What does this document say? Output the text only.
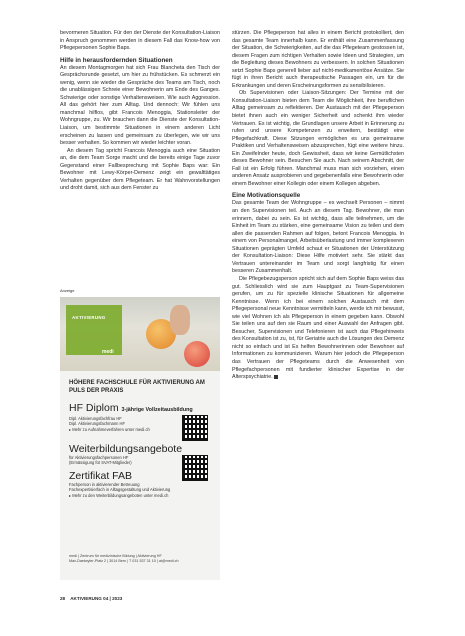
bevormeren Situation. Für den der Dienste der Konsultation-Liaison in Anspruch genommen werden in diesem Fall das Know-how von Pflegepersonen Sophie Baps.

Hilfe in herausfordernden Situationen

An diesem Montagmorgen hat sich Frau Blancheta den Tisch der Gesprächsrunde gesetzt, um hier zu frühstücken. Es schmerzt ein wenig, wenn sie wieder die Gespräche des Teams am Tisch, noch die unablässigen Schreie einer Bewohnerin am Ende des Ganges. Schwierige oder sonstige Verhaltensweisen. Wie auch Aggression. All das gehört hier zum Alltag. Und dennoch: Wir fühlen uns manchmal hilflos, gibt Francois Menoggia, Stationsleiter der Wohngruppe, zu. Wir brauchen dann die Dienste der Konsultation-Liaison, um bestimmte Situationen in einem anderen Licht erscheinen zu lassen und gemeinsam zu überlegen, wie wir uns besser verhalten. So kommen wir wieder leichter voran.

An diesem Tag spricht Francois Menoggia auch eine Situation an, die dem Team Sorge macht und die bereits einige Tage zuvor Gegenstand einer Fallbesprechung mit Sophie Baps war: Ein Bewohner mit Lewy-Körper-Demenz zeigt ein gewalttätiges Verhalten gegenüber dem Pflegeteam. Er hat Wahnvorstellungen und droht damit, sich aus dem Fenster zu

Anzeige
AKTIVIERUNG
medi
HÖHERE FACHSCHULE FÜR AKTIVIERUNG AM PULS DER PRAXIS
HF Diplom 3-jährige Vollzeitausbildung
Dipl. Aktivierungsfachfrau HF
Dipl. Aktivierungsfachmann HF
▸ Mehr zu Aufnahmeverfahren unter medi.ch
Weiterbildungsangebote
für Aktivierungsfachpersonen HF
(Ermässigung für SVAT-Mitglieder)
Zertifikat FAB
Fachperson in aktivierender Betreuung
Fachexpertisierfach in Alltagsgestaltung und Aktivierung
▸ Mehr zu den Weiterbildungsangeboten unter medi.ch
medi | Zentrum für medizinische Bildung | Aktivierung HF
Max-Daetwyler-Platz 2 | 3014 Bern | T 031 537 31 10 | at@medi.ch

stürzen. Die Pflegeperson hat alles in einem Bericht protokolliert, den das gesamte Team innerhalb kann. Er enthält eine Zusammenfassung der Situation, die Schwierigkeiten, auf die das Pflegeteam gestossen ist, diesem Fragen zum richtigen Verhalten sowie Ideen und Strategien, um die Begleitung dieses Bewohners zu verbessern. In solchen Situationen setzt Sophie Baps generell lieber auf nicht-medikamentöse Ansätze. Sie fügt in ihren Bericht auch therapeutische Passagen ein, um für die Erkrankungen und deren Erscheinungsformen zu sensibilisieren.

Ob Supervisionen oder Liaison-Sitzungen: Der Termine mit der Konsultation-Liaison bieten dem Team die Möglichkeit, ihre beruflichen Alltag gemeinsam zu reflektieren. Der Austausch mit der Pflegeperson bietet ihnen auch ein weniger Sicherheit und schenkt ihm wieder Vertrauen. Es ist wichtig, die Grundlagen unsere Arbeit in Erinnerung zu rufen und unsere Kompetenzen zu erweitern, bestätigt eine Pflegefachkraft. Diese Sitzungen ermöglichen es uns gemeinsame Praktiken und Verhaltensweisen abzusprechen, fügt eine weitere hinzu. Ein Zweifelnder heute, doch Gewissheit, dass wir keine Gemütlichsten dieses Bewohner sein. Besuchen Sie auch. Nach seinem Abschnitt, der Fall ist ein Erfolg führen. Manchmal muss man sich vorziehen, einen anderen Ansatz ausprobieren und gegebenenfalls eine Bewohnerin oder einem Bewohner einer Kollegin oder einem Kollegen abgeben.

Eine Motivationsquelle

Das gesamte Team der Wohngruppe – es wechselt Personen – nimmt an den Supervisionen teil. Auch an diesem Tag. Bewohner, die man erinnern, dabei zu sein. Es ist wichtig, dass alle teilnehmen, um die Einheit im Team zu stärken, eine gemeinsame Vision zu teilen und dem allen die passenden Rahmen auf folgen, betont Francois Menoggia. In einem von Personalmangel, Arbeitsüberlastung und immer komplexeren Situationen geprägten Umfeld schaut er Situationen der Unterstützung der Konsultation-Liaison: Diese Hilfe motiviert sehr. Sie stärkt das Vertrauen untereinander im Team und sorgt langfristig für einen besseren Zusammenhalt.

Die Pflegebezugsperson spricht sich auf dem Sophie Baps weiss das gut. Schliesslich wird sie zum Hauptgast zu Team-Supervisionen gerufen, um zu für spezielle klinische Situationen für allgemeine Kenntnisse. Wenn ich bei einem solchen Austausch mit dem Pflegepersonal neue Kenntnisse vermitteln kann, werde ich mir bewusst, wie viel Wohnen ich als Pflegeperson in einem gegeben kann. Obwohl Sie teilen uns auf den sie Raum und einer Auswahl der Anfragen gibt. Besucher, Supervisionen und Telefonieren ist auch das Pflegehinweis des Konsultation ist zu, ist, für Geriatrie auch die Lösungen des Demenz nicht so einfach und ist Es helfen Bewohnerinnen oder Bewohner auf Informationen zu kommunizieren. Warum hier jedoch die Pflegeperson das Vertrauen der Pflegeteams durch die Anwesenheit von Pflegefachpersonen mit fundierter klinischer Expertise in der Alterspsychiatrie.

28 AKTIVIERUNG 04 | 2023
